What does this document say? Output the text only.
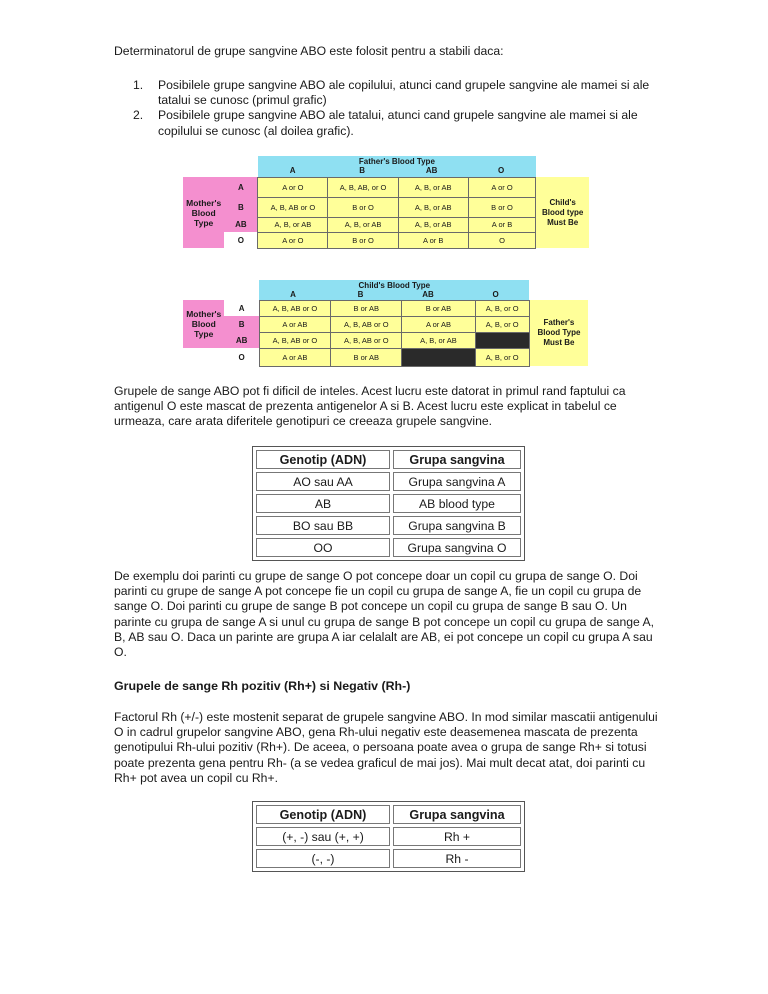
Determinatorul de grupe sangvine ABO este folosit pentru a stabili daca:

1. Posibilele grupe sangvine ABO ale copilului, atunci cand grupele sangvine ale mamei si ale tatalui se cunosc (primul grafic)
2. Posibilele grupe sangvine ABO ale tatalui, atunci cand grupele sangvine ale mamei si ale copilului se cunosc (al doilea grafic).

		Father's Blood Type
A B AB O				

Mother's Blood Type	A	A or O	A, B, AB, or O	A, B, or AB	A or O	Child's Blood type Must Be
	B	A, B, AB or O	B or O	A, B, or AB	B or O	
	AB	A, B, or AB	A, B, or AB	A, B, or AB	A or B	
	O	A or O	B or O	A or B	O	

		Child's Blood Type
A B AB O				

Mother's Blood Type	A	A, B, AB or O	B or AB	B or AB	A, B, or O	Father's Blood Type Must Be
	B	A or AB	A, B, AB or O	A or AB	A, B, or O	
	AB	A, B, AB or O	A, B, AB or O	A, B, or AB		
	O	A or AB	B or AB		A, B, or O	

Grupele de sange ABO pot fi dificil de inteles. Acest lucru este datorat in primul rand faptului ca antigenul O este mascat de prezenta antigenelor A si B. Acest lucru este explicat in tabelul ce urmeaza, care arata diferitele genotipuri ce creeaza grupele sangvine.

Genotip (ADN)	Grupa sangvina
AO sau AA	Grupa sangvina A
AB	AB blood type
BO sau BB	Grupa sangvina B
OO	Grupa sangvina O

De exemplu doi parinti cu grupe de sange O pot concepe doar un copil cu grupa de sange O. Doi parinti cu grupe de sange A pot concepe fie un copil cu grupa de sange A, fie un copil cu grupa de sange O. Doi parinti cu grupe de sange B pot concepe un copil cu grupa de sange B sau O. Un parinte cu grupa de sange A si unul cu grupa de sange B pot concepe un copil cu grupa de sange A, B, AB sau O. Daca un parinte are grupa A iar celalalt are AB, ei pot concepe un copil cu grupa A sau O.

Grupele de sange Rh pozitiv (Rh+) si Negativ (Rh-)

Factorul Rh (+/-) este mostenit separat de grupele sangvine ABO. In mod similar mascatii antigenului O in cadrul grupelor sangvine ABO, gena Rh-ului negativ este deasemenea mascata de prezenta genotipului Rh-ului pozitiv (Rh+). De aceea, o persoana poate avea o grupa de sange Rh+ si totusi poate prezenta gena pentru Rh- (a se vedea graficul de mai jos). Mai mult decat atat, doi parinti cu Rh+ pot avea un copil cu Rh+.

Genotip (ADN)	Grupa sangvina
(+, -) sau (+, +)	Rh +
(-, -)	Rh -
